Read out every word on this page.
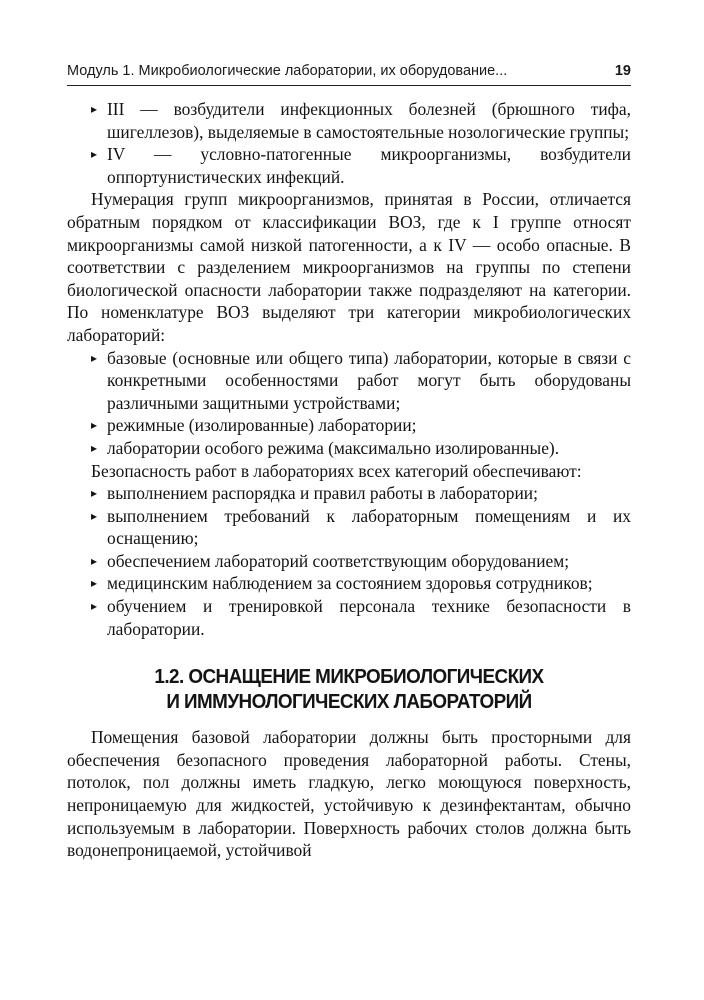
Модуль 1. Микробиологические лаборатории, их оборудование...	19
▸ III — возбудители инфекционных болезней (брюшного тифа, шигеллезов), выделяемые в самостоятельные нозологические группы;
▸ IV — условно-патогенные микроорганизмы, возбудители оппортунистических инфекций.

Нумерация групп микроорганизмов, принятая в России, отличается обратным порядком от классификации ВОЗ, где к I группе относят микроорганизмы самой низкой патогенности, а к IV — особо опасные. В соответствии с разделением микроорганизмов на группы по степени биологической опасности лаборатории также подразделяют на категории. По номенклатуре ВОЗ выделяют три категории микробиологических лабораторий:

▸ базовые (основные или общего типа) лаборатории, которые в связи с конкретными особенностями работ могут быть оборудованы различными защитными устройствами;
▸ режимные (изолированные) лаборатории;
▸ лаборатории особого режима (максимально изолированные).

Безопасность работ в лабораториях всех категорий обеспечивают:

▸ выполнением распорядка и правил работы в лаборатории;
▸ выполнением требований к лабораторным помещениям и их оснащению;
▸ обеспечением лабораторий соответствующим оборудованием;
▸ медицинским наблюдением за состоянием здоровья сотрудников;
▸ обучением и тренировкой персонала технике безопасности в лаборатории.
1.2. ОСНАЩЕНИЕ МИКРОБИОЛОГИЧЕСКИХ
И ИММУНОЛОГИЧЕСКИХ ЛАБОРАТОРИЙ

Помещения базовой лаборатории должны быть просторными для обеспечения безопасного проведения лабораторной работы. Стены, потолок, пол должны иметь гладкую, легко моющуюся поверхность, непроницаемую для жидкостей, устойчивую к дезинфектантам, обычно используемым в лаборатории. Поверхность рабочих столов должна быть водонепроницаемой, устойчивой
